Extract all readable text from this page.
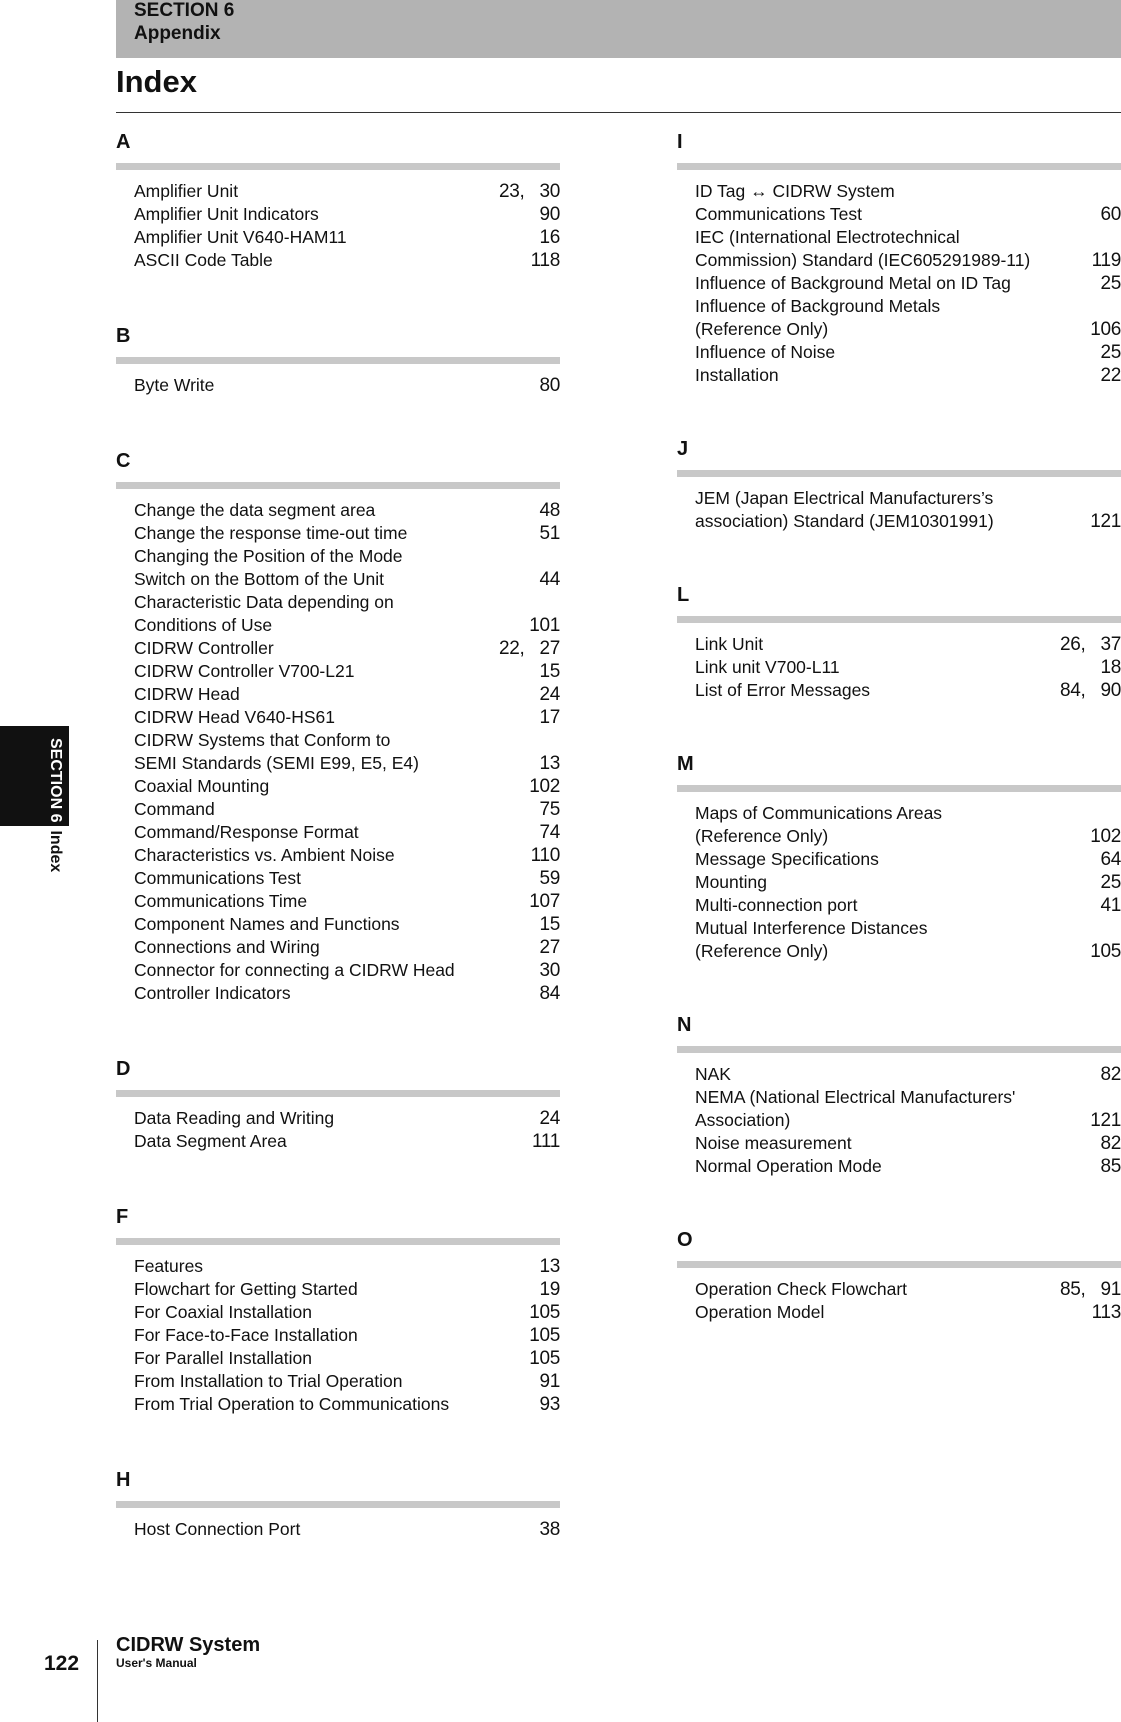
SECTION 6
Appendix
Index
A
Amplifier Unit	23,   30
Amplifier Unit Indicators	90
Amplifier Unit V640-HAM11	16
ASCII Code Table	118
B
Byte Write	80
C
Change the data segment area	48
Change the response time-out time	51
Changing the Position of the Mode
Switch on the Bottom of the Unit	44
Characteristic Data depending on
Conditions of Use	101
CIDRW Controller	22,   27
CIDRW Controller V700-L21	15
CIDRW Head	24
CIDRW Head V640-HS61	17
CIDRW Systems that Conform to
SEMI Standards (SEMI E99, E5, E4)	13
Coaxial Mounting	102
Command	75
Command/Response Format	74
Characteristics vs. Ambient Noise	110
Communications Test	59
Communications Time	107
Component Names and Functions	15
Connections and Wiring	27
Connector for connecting a CIDRW Head	30
Controller Indicators	84
D
Data Reading and Writing	24
Data Segment Area	111
F
Features	13
Flowchart for Getting Started	19
For Coaxial Installation	105
For Face-to-Face Installation	105
For Parallel Installation	105
From Installation to Trial Operation	91
From Trial Operation to Communications	93
H
Host Connection Port	38
I
ID Tag ↔ CIDRW System
Communications Test	60
IEC (International Electrotechnical
Commission) Standard (IEC605291989-11)	119
Influence of Background Metal on ID Tag	25
Influence of Background Metals
(Reference Only)	106
Influence of Noise	25
Installation	22
J
JEM (Japan Electrical Manufacturers’s
association) Standard (JEM10301991)	121
L
Link Unit	26,   37
Link unit V700-L11	18
List of Error Messages	84,   90
M
Maps of Communications Areas
(Reference Only)	102
Message Specifications	64
Mounting	25
Multi-connection port	41
Mutual Interference Distances
(Reference Only)	105
N
NAK	82
NEMA (National Electrical Manufacturers'
Association)	121
Noise measurement	82
Normal Operation Mode	85
O
Operation Check Flowchart	85,   91
Operation Model	113
SECTION 6Index
122
CIDRW System
User's Manual
